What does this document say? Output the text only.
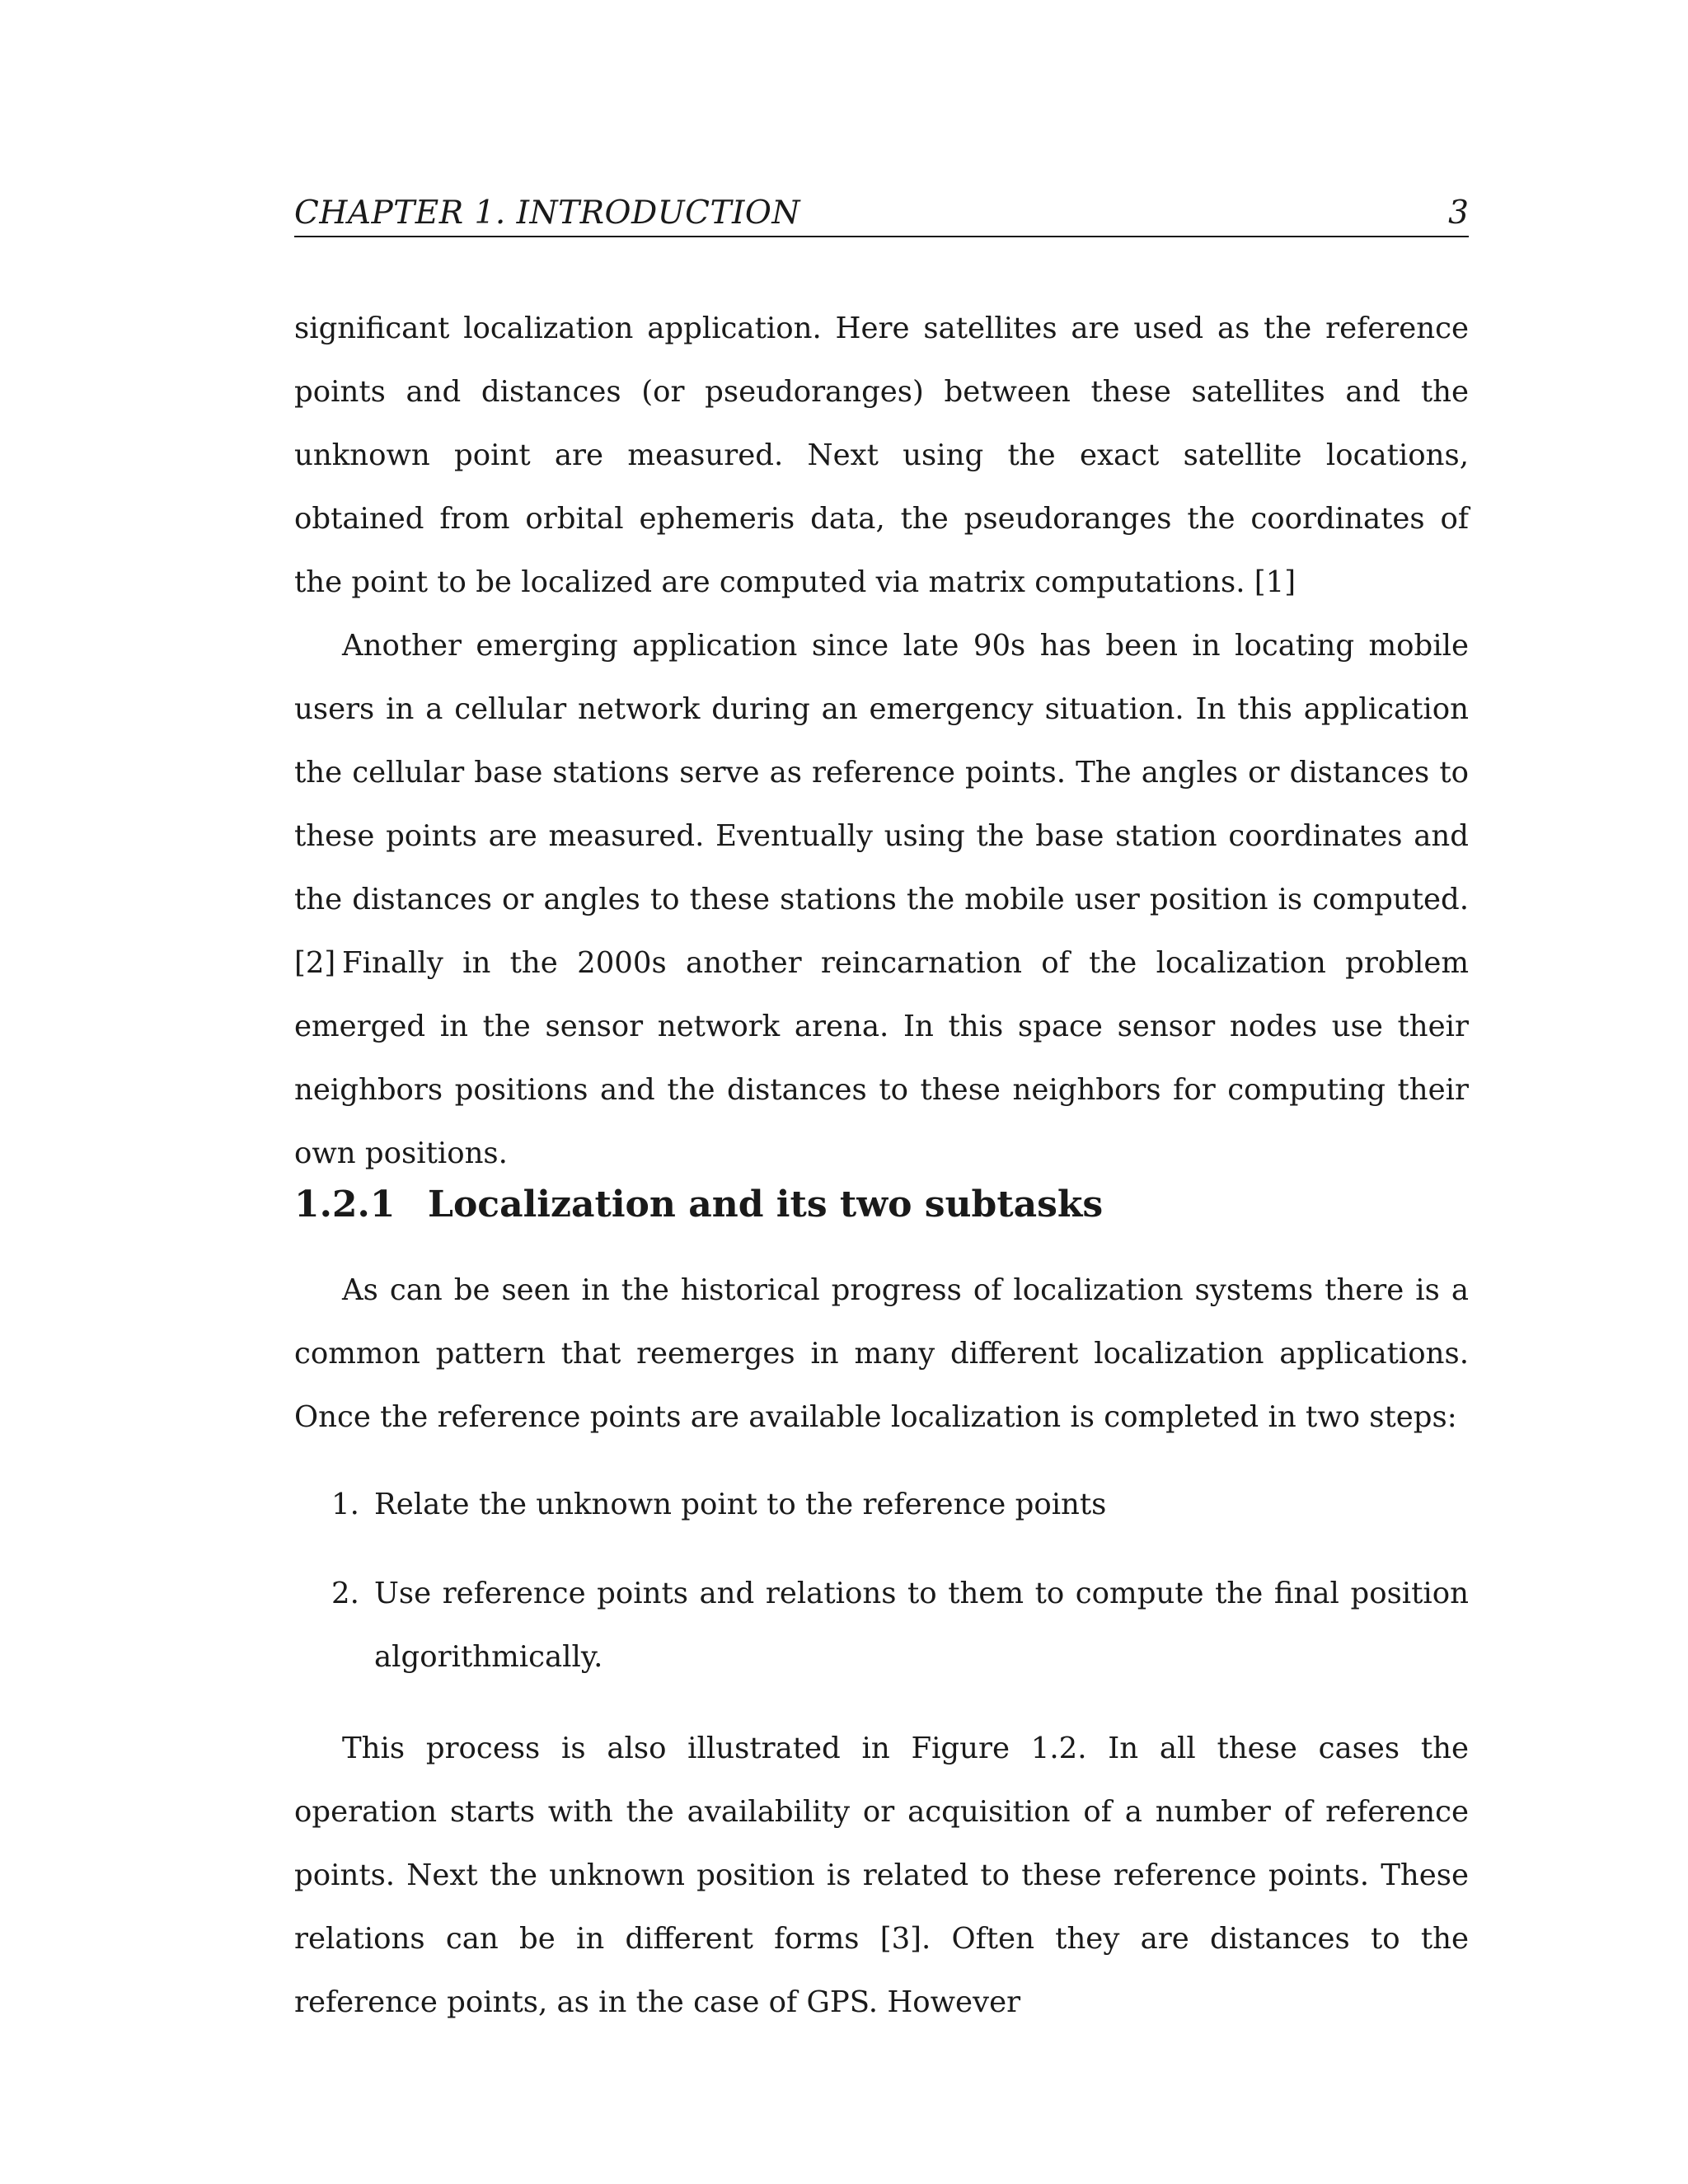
CHAPTER 1. INTRODUCTION	3

significant localization application. Here satellites are used as the reference points and distances (or pseudoranges) between these satellites and the unknown point are measured. Next using the exact satellite locations, obtained from orbital ephemeris data, the pseudoranges the coordinates of the point to be localized are computed via matrix computations. [1]

Another emerging application since late 90s has been in locating mobile users in a cellular network during an emergency situation. In this application the cellular base stations serve as reference points. The angles or distances to these points are measured. Eventually using the base station coordinates and the distances or angles to these stations the mobile user position is computed.[2] Finally in the 2000s another reincarnation of the localization problem emerged in the sensor network arena. In this space sensor nodes use their neighbors positions and the distances to these neighbors for computing their own positions.

1.2.1 Localization and its two subtasks

As can be seen in the historical progress of localization systems there is a common pattern that reemerges in many different localization applications. Once the reference points are available localization is completed in two steps:

1. Relate the unknown point to the reference points
2. Use reference points and relations to them to compute the final position algorithmically.

This process is also illustrated in Figure 1.2. In all these cases the operation starts with the availability or acquisition of a number of reference points. Next the unknown position is related to these reference points. These relations can be in different forms [3]. Often they are distances to the reference points, as in the case of GPS. However
